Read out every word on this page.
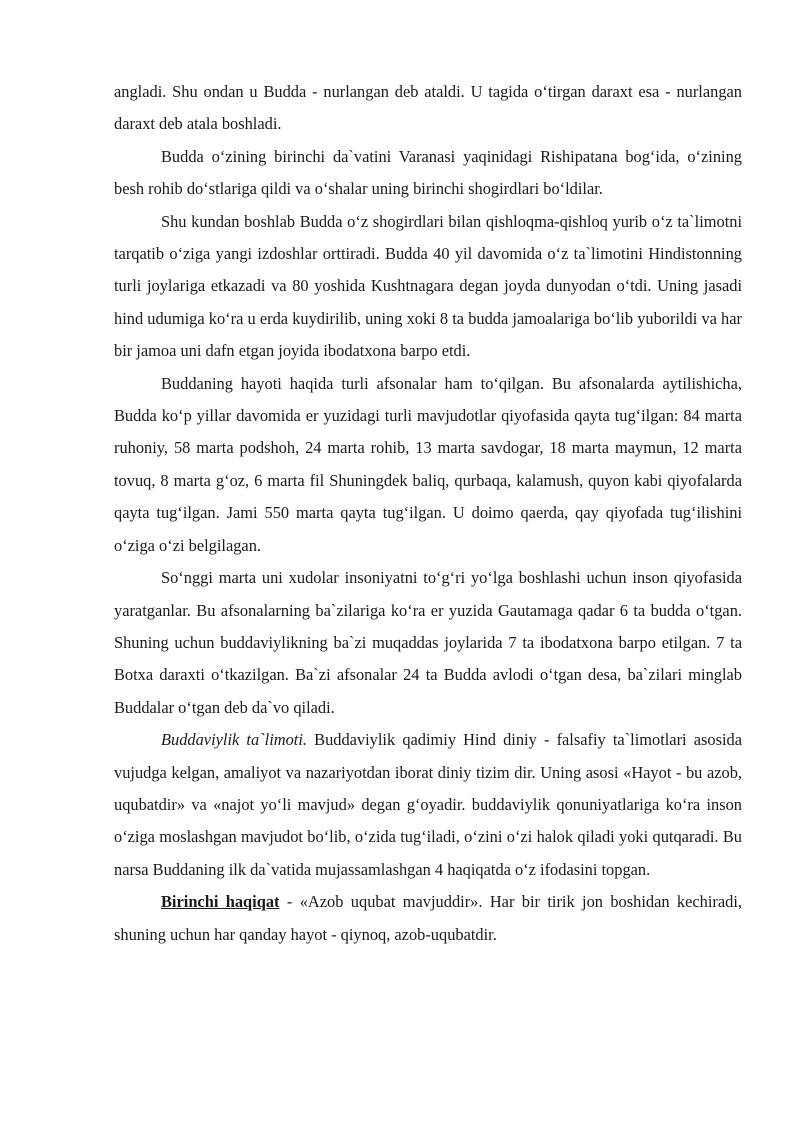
angladi. Shu ondan u Budda - nurlangan deb ataldi. U tagida o‘tirgan daraxt esa - nurlangan daraxt deb atala boshladi.

Budda o‘zining birinchi da`vatini Varanasi yaqinidagi Rishipatana bog‘ida, o‘zining besh rohib do‘stlariga qildi va o‘shalar uning birinchi shogirdlari bo‘ldilar.

Shu kundan boshlab Budda o‘z shogirdlari bilan qishloqma-qishloq yurib o‘z ta`limotni tarqatib o‘ziga yangi izdoshlar orttiradi. Budda 40 yil davomida o‘z ta`limotini Hindistonning turli joylariga etkazadi va 80 yoshida Kushtnagara degan joyda dunyodan o‘tdi. Uning jasadi hind udumiga ko‘ra u erda kuydirilib, uning xoki 8 ta budda jamoalariga bo‘lib yuborildi va har bir jamoa uni dafn etgan joyida ibodatxona barpo etdi.

Buddaning hayoti haqida turli afsonalar ham to‘qilgan. Bu afsonalarda aytilishicha, Budda ko‘p yillar davomida er yuzidagi turli mavjudotlar qiyofasida qayta tug‘ilgan: 84 marta ruhoniy, 58 marta podshoh, 24 marta rohib, 13 marta savdogar, 18 marta maymun, 12 marta tovuq, 8 marta g‘oz, 6 marta fil Shuningdek baliq, qurbaqa, kalamush, quyon kabi qiyofalarda qayta tug‘ilgan. Jami 550 marta qayta tug‘ilgan. U doimo qaerda, qay qiyofada tug‘ilishini o‘ziga o‘zi belgilagan.

So‘nggi marta uni xudolar insoniyatni to‘g‘ri yo‘lga boshlashi uchun inson qiyofasida yaratganlar. Bu afsonalarning ba`zilariga ko‘ra er yuzida Gautamaga qadar 6 ta budda o‘tgan. Shuning uchun buddaviylikning ba`zi muqaddas joylarida 7 ta ibodatxona barpo etilgan. 7 ta Botxa daraxti o‘tkazilgan. Ba`zi afsonalar 24 ta Budda avlodi o‘tgan desa, ba`zilari minglab Buddalar o‘tgan deb da`vo qiladi.

Buddaviylik ta`limoti. Buddaviylik qadimiy Hind diniy - falsafiy ta`limotlari asosida vujudga kelgan, amaliyot va nazariyotdan iborat diniy tizim dir. Uning asosi «Hayot - bu azob, uqubatdir» va «najot yo‘li mavjud» degan g‘oyadir. buddaviylik qonuniyatlariga ko‘ra inson o‘ziga moslashgan mavjudot bo‘lib, o‘zida tug‘iladi, o‘zini o‘zi halok qiladi yoki qutqaradi. Bu narsa Buddaning ilk da`vatida mujassamlashgan 4 haqiqatda o‘z ifodasini topgan.

Birinchi haqiqat - «Azob uqubat mavjuddir». Har bir tirik jon boshidan kechiradi, shuning uchun har qanday hayot - qiynoq, azob-uqubatdir.
